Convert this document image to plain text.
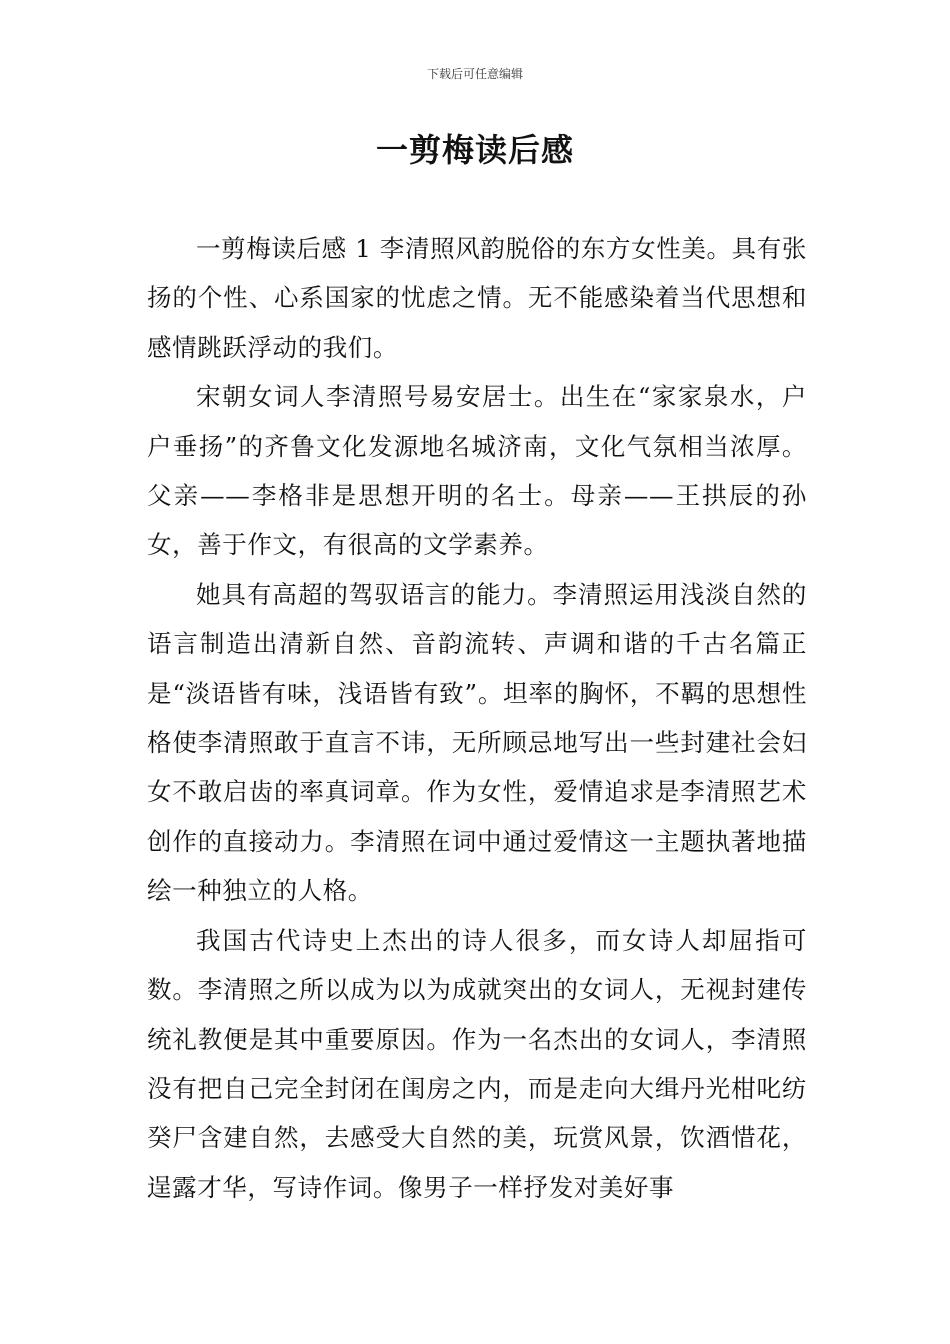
下载后可任意编辑
一剪梅读后感

一剪梅读后感 1 李清照风韵脱俗的东方女性美。具有张扬的个性、心系国家的忧虑之情。无不能感染着当代思想和感情跳跃浮动的我们。

宋朝女词人李清照号易安居士。出生在“家家泉水，户户垂扬”的齐鲁文化发源地名城济南，文化气氛相当浓厚。父亲——李格非是思想开明的名士。母亲——王拱辰的孙女，善于作文，有很高的文学素养。

她具有高超的驾驭语言的能力。李清照运用浅淡自然的语言制造出清新自然、音韵流转、声调和谐的千古名篇正是“淡语皆有味，浅语皆有致”。坦率的胸怀，不羁的思想性格使李清照敢于直言不讳，无所顾忌地写出一些封建社会妇女不敢启齿的率真词章。作为女性，爱情追求是李清照艺术创作的直接动力。李清照在词中通过爱情这一主题执著地描绘一种独立的人格。

我国古代诗史上杰出的诗人很多，而女诗人却屈指可数。李清照之所以成为以为成就突出的女词人，无视封建传统礼教便是其中重要原因。作为一名杰出的女词人，李清照没有把自己完全封闭在闺房之内，而是走向大缉丹光柑叱纺癸尸含建自然，去感受大自然的美，玩赏风景，饮酒惜花，逞露才华，写诗作词。像男子一样抒发对美好事
